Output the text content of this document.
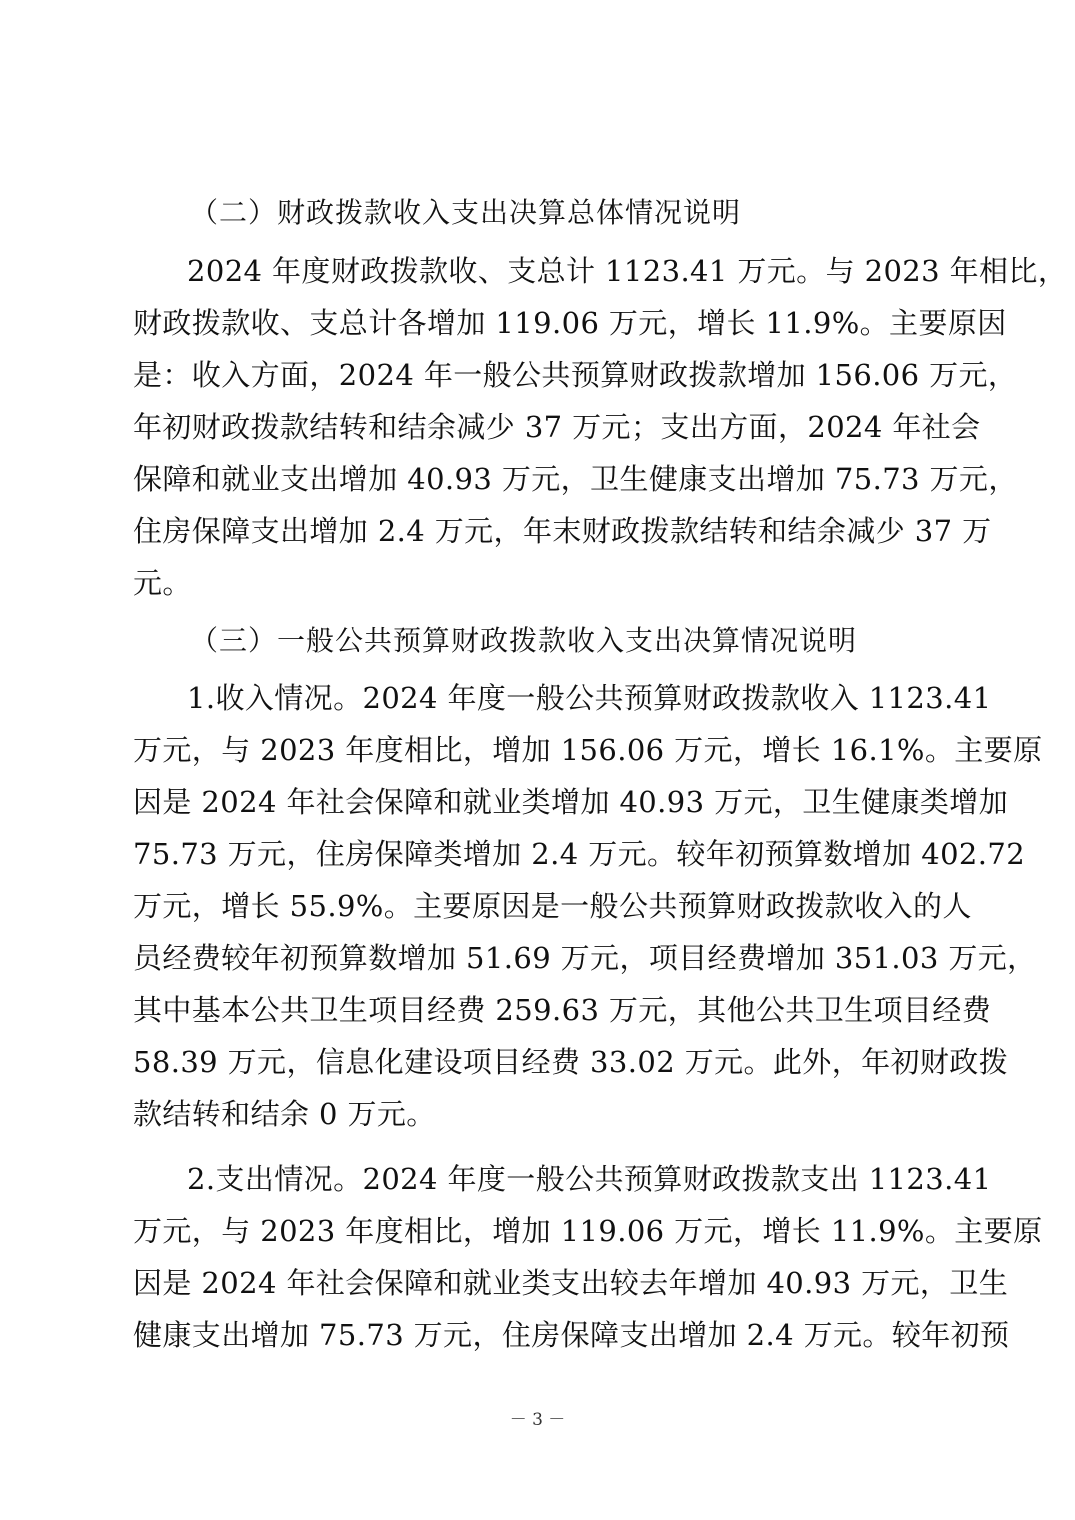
（二）财政拨款收入支出决算总体情况说明
2024 年度财政拨款收、支总计 1123.41 万元。与 2023 年相比，
财政拨款收、支总计各增加 119.06 万元，增长 11.9%。主要原因
是：收入方面，2024 年一般公共预算财政拨款增加 156.06 万元，
年初财政拨款结转和结余减少 37 万元；支出方面，2024 年社会
保障和就业支出增加 40.93 万元，卫生健康支出增加 75.73 万元，
住房保障支出增加 2.4 万元，年末财政拨款结转和结余减少 37 万
元。
（三）一般公共预算财政拨款收入支出决算情况说明
1.收入情况。2024 年度一般公共预算财政拨款收入 1123.41
万元，与 2023 年度相比，增加 156.06 万元，增长 16.1%。主要原
因是 2024 年社会保障和就业类增加 40.93 万元，卫生健康类增加
75.73 万元，住房保障类增加 2.4 万元。较年初预算数增加 402.72
万元，增长 55.9%。主要原因是一般公共预算财政拨款收入的人
员经费较年初预算数增加 51.69 万元，项目经费增加 351.03 万元，
其中基本公共卫生项目经费 259.63 万元，其他公共卫生项目经费
58.39 万元，信息化建设项目经费 33.02 万元。此外，年初财政拨
款结转和结余 0 万元。
2.支出情况。2024 年度一般公共预算财政拨款支出 1123.41
万元，与 2023 年度相比，增加 119.06 万元，增长 11.9%。主要原
因是 2024 年社会保障和就业类支出较去年增加 40.93 万元，卫生
健康支出增加 75.73 万元，住房保障支出增加 2.4 万元。较年初预
－ 3 －
